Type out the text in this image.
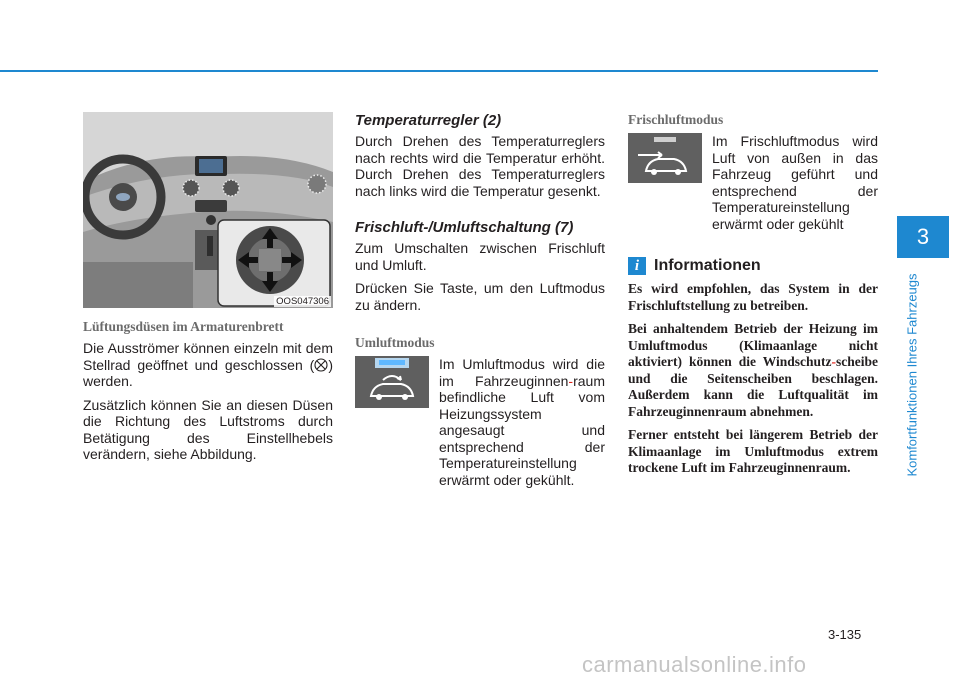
OOS047306
Lüftungsdüsen im Armaturenbrett

Die Ausströmer können einzeln mit dem Stellrad geöffnet und geschlossen ( ) werden.

Zusätzlich können Sie an diesen Düsen die Richtung des Luftstroms durch Betätigung des Einstellhebels verändern, siehe Abbildung.

Temperaturregler (2)

Durch Drehen des Temperaturreglers nach rechts wird die Temperatur erhöht. Durch Drehen des Temperaturreglers nach links wird die Temperatur gesenkt.

Frischluft-/Umluftschaltung (7)

Zum Umschalten zwischen Frischluft und Umluft.

Drücken Sie Taste, um den Luftmodus zu ändern.

Umluftmodus

Im Umluftmodus wird die im Fahrzeuginnen-raum befindliche Luft vom Heizungssystem angesaugt und entsprechend der Temperatureinstellung erwärmt oder gekühlt.

Frischluftmodus

Im Frischluftmodus wird Luft von außen in das Fahrzeug geführt und entsprechend der Temperatureinstellung erwärmt oder gekühlt

i Informationen

Es wird empfohlen, das System in der Frischluftstellung zu betreiben.

Bei anhaltendem Betrieb der Heizung im Umluftmodus (Klimaanlage nicht aktiviert) können die Windschutz-scheibe und die Seitenscheiben beschlagen. Außerdem kann die Luftqualität im Fahrzeuginnenraum abnehmen.

Ferner entsteht bei längerem Betrieb der Klimaanlage im Umluftmodus extrem trockene Luft im Fahrzeuginnenraum.

3
Komfortfunktionen Ihres Fahrzeugs
3-135
carmanualsonline.info
